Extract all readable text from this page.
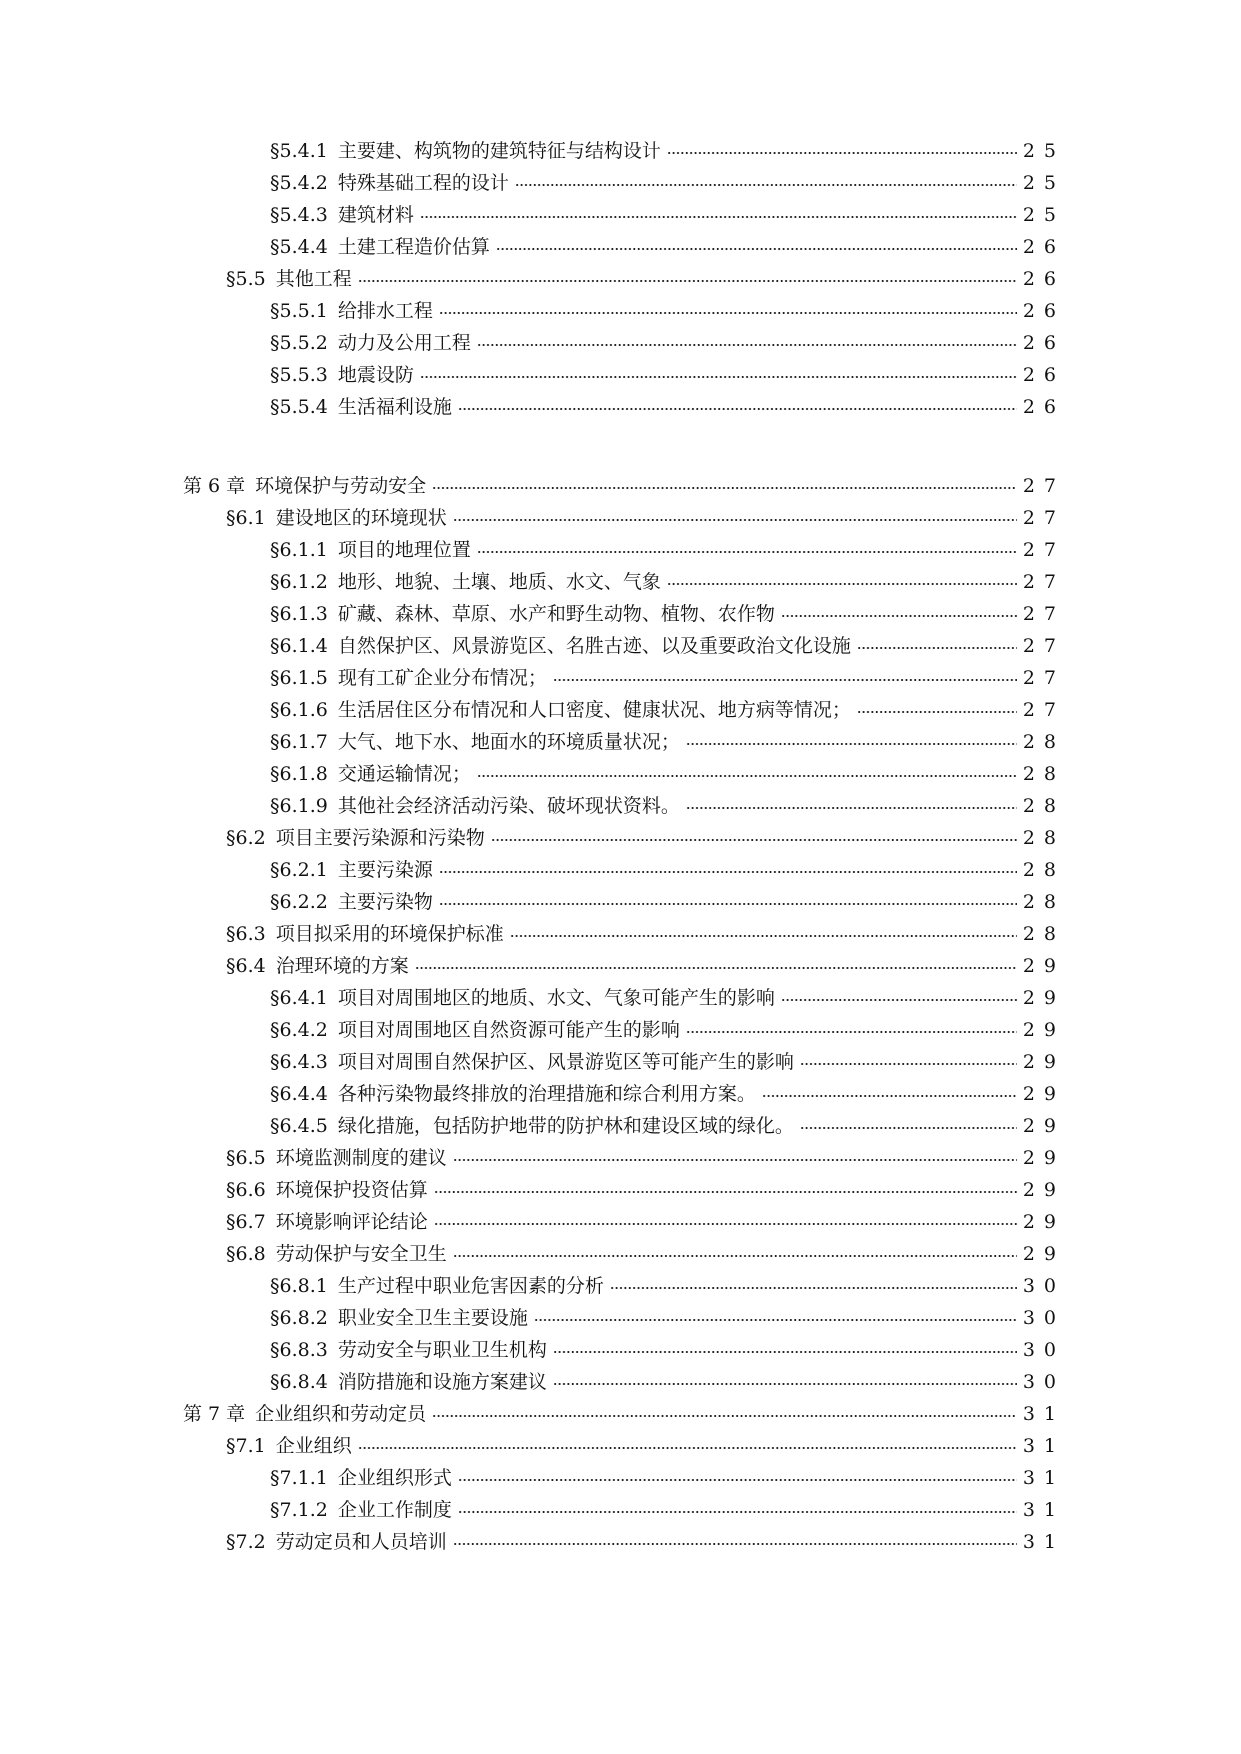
§5.4.1 主要建、构筑物的建筑特征与结构设计	25
§5.4.2 特殊基础工程的设计	25
§5.4.3 建筑材料	25
§5.4.4 土建工程造价估算	26
§5.5 其他工程	26
§5.5.1 给排水工程	26
§5.5.2 动力及公用工程	26
§5.5.3 地震设防	26
§5.5.4 生活福利设施	26
第 6 章 环境保护与劳动安全	27
§6.1 建设地区的环境现状	27
§6.1.1 项目的地理位置	27
§6.1.2 地形、地貌、土壤、地质、水文、气象	27
§6.1.3 矿藏、森林、草原、水产和野生动物、植物、农作物	27
§6.1.4 自然保护区、风景游览区、名胜古迹、以及重要政治文化设施	27
§6.1.5 现有工矿企业分布情况；	27
§6.1.6 生活居住区分布情况和人口密度、健康状况、地方病等情况；	27
§6.1.7 大气、地下水、地面水的环境质量状况；	28
§6.1.8 交通运输情况；	28
§6.1.9 其他社会经济活动污染、破坏现状资料。	28
§6.2 项目主要污染源和污染物	28
§6.2.1 主要污染源	28
§6.2.2 主要污染物	28
§6.3 项目拟采用的环境保护标准	28
§6.4 治理环境的方案	29
§6.4.1 项目对周围地区的地质、水文、气象可能产生的影响	29
§6.4.2 项目对周围地区自然资源可能产生的影响	29
§6.4.3 项目对周围自然保护区、风景游览区等可能产生的影响	29
§6.4.4 各种污染物最终排放的治理措施和综合利用方案。	29
§6.4.5 绿化措施，包括防护地带的防护林和建设区域的绿化。	29
§6.5 环境监测制度的建议	29
§6.6 环境保护投资估算	29
§6.7 环境影响评论结论	29
§6.8 劳动保护与安全卫生	29
§6.8.1 生产过程中职业危害因素的分析	30
§6.8.2 职业安全卫生主要设施	30
§6.8.3 劳动安全与职业卫生机构	30
§6.8.4 消防措施和设施方案建议	30
第 7 章 企业组织和劳动定员	31
§7.1 企业组织	31
§7.1.1 企业组织形式	31
§7.1.2 企业工作制度	31
§7.2 劳动定员和人员培训	31
